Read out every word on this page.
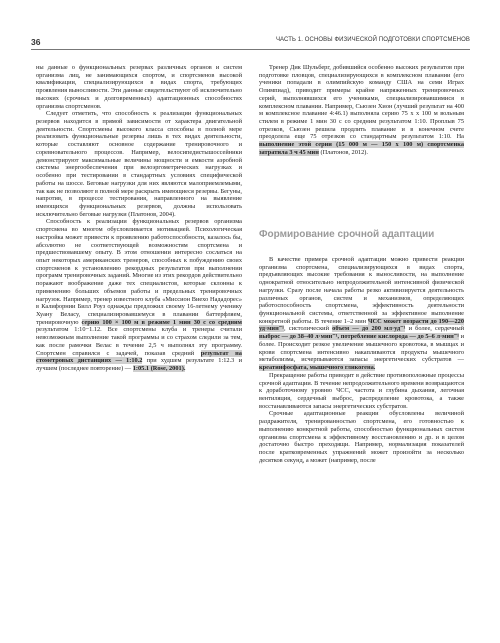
36	ЧАСТЬ 1. ОСНОВЫ ФИЗИЧЕСКОЙ ПОДГОТОВКИ СПОРТСМЕНОВ

ны данные о функциональных резервах различных органов и систем организма лиц, не занимающихся спортом, и спортсменов высокой квалификации, специализирующихся в видах спорта, требующих проявления выносливости. Эти данные свидетельствуют об исключительно высоких (срочных и долговременных) адаптационных способностях организма спортсменов.

Следует отметить, что способность к реализации функциональных резервов находится в прямой зависимости от характера двигательной деятельности. Спортсмены высокого класса способны в полной мере реализовать функциональные резервы лишь в тех видах деятельности, которые составляют основное содержание тренировочного и соревновательного процессов. Например, велосипедистышоссейники демонстрируют максимальные величины мощности и емкости аэробной системы энергообеспечения при велоэргометрических нагрузках и особенно при тестировании в стандартных условиях специфической работы на шоссе. Беговые нагрузки для них являются малоприемлемыми, так как не позволяют в полной мере раскрыть имеющиеся резервы. Бегуны, напротив, в процессе тестирования, направленного на выявление имеющихся функциональных резервов, должны использовать исключительно беговые нагрузки (Платонов, 2004).

Способность к реализации функциональных резервов организма спортсмена во многом обусловливается мотивацией. Психологическая настройка может привести к проявлению работоспособности, казалось бы, абсолютно не соответствующей возможностям спортсмена и предшествовавшему опыту. В этом отношении интересно сослаться на опыт некоторых американских тренеров, способных к побуждению своих спортсменов к установлению рекордных результатов при выполнении программ тренировочных заданий. Многие из этих рекордов действительно поражают воображение даже тех специалистов, которые склонны к применению больших объемов работы и предельных тренировочных нагрузок. Например, тренер известного клуба «Миссион Виехо Нададорес» в Калифорнии Билл Роуз однажды предложил своему 16-летнему ученику Хуану Велаcу, специализировавшемуся в плавании баттерфляем, тренировочную серию 100 × 100 м в режиме 1 мин 30 с со средним результатом 1:10−1.12. Все спортсмены клуба и тренеры считали невозможным выполнение такой программы и со страхом следили за тем, как после рамочки Велас в течение 2,5 ч выполнял эту программу. Спортсмен справился с задачей, показав средний результат на стометровых дистанциях — 1:10.2 при худшем результате 1:12.3 и лучшем (последнее повторение) — 1:05.1 (Rose, 2001).

Тренер Дик Шульберг, добившийся особенно высоких результатов при подготовке пловцов, специализирующихся в комплексном плавании (его ученики попадали в олимпийскую команду США на семи Играх Олимпиад), приводит примеры крайне напряженных тренировочных серий, выполнявшихся его учениками, специализировавшимися в комплексном плавании. Например, Сьюзен Хион (лучший результат на 400 м комплексное плавание 4:46.1) выполняла серию 75 х х 100 м вольным стилем в режиме 1 мин 30 с со средним результатом 1:10. Проплыв 75 отрезков, Сьюзен решила продлить плавание и в конечном счете преодолела еще 75 отрезков со стандартным результатом 1:10. На выполнение этой серии (15 000 м — 150 х 100 м) спортсменка затратила 3 ч 45 мин (Платонов, 2012).

Формирование срочной адаптации

В качестве примера срочной адаптации можно привести реакции организма спортсмена, специализирующихся в видах спорта, предъявляющих высокие требования к выносливости, на выполнение однократной относительно непродолжительной интенсивной физической нагрузки. Сразу после начала работы резко активизируется деятельность различных органов, систем и механизмов, определяющих работоспособность спортсмена, эффективность деятельности функциональной системы, ответственной за эффективное выполнение конкретной работы. В течение 1–2 мин ЧСС может возрасти до 190—220 уд·мин⁻¹, систолический объем — до 200 мл·уд⁻¹ и более, сердечный выброс — до 38–40 л·мин⁻¹, потребление кислорода — до 5–6 л·мин⁻¹ и более. Происходит резкое увеличение мышечного кровотока, в мышцах и крови спортсмена интенсивно накапливаются продукты мышечного метаболизма, исчерпываются запасы энергетических субстратов — креатинфосфата, мышечного гликогена.

Прекращение работы приводит в действие противоположные процессы срочной адаптации. В течение непродолжительного времени возвращаются к доработочному уровню ЧСС, частота и глубина дыхания, легочная вентиляция, сердечный выброс, распределение кровотока, а также восстанавливаются запасы энергетических субстратов.

Срочные адаптационные реакции обусловлены величиной раздражителя, тренированностью спортсмена, его готовностью к выполнению конкретной работы, способностью функциональных систем организма спортсмена к эффективному восстановлению и др. и в целом достаточно быстро преходящи. Например, нормализация показателей после кратковременных упражнений может произойти за несколько десятков секунд, а может (например, после
